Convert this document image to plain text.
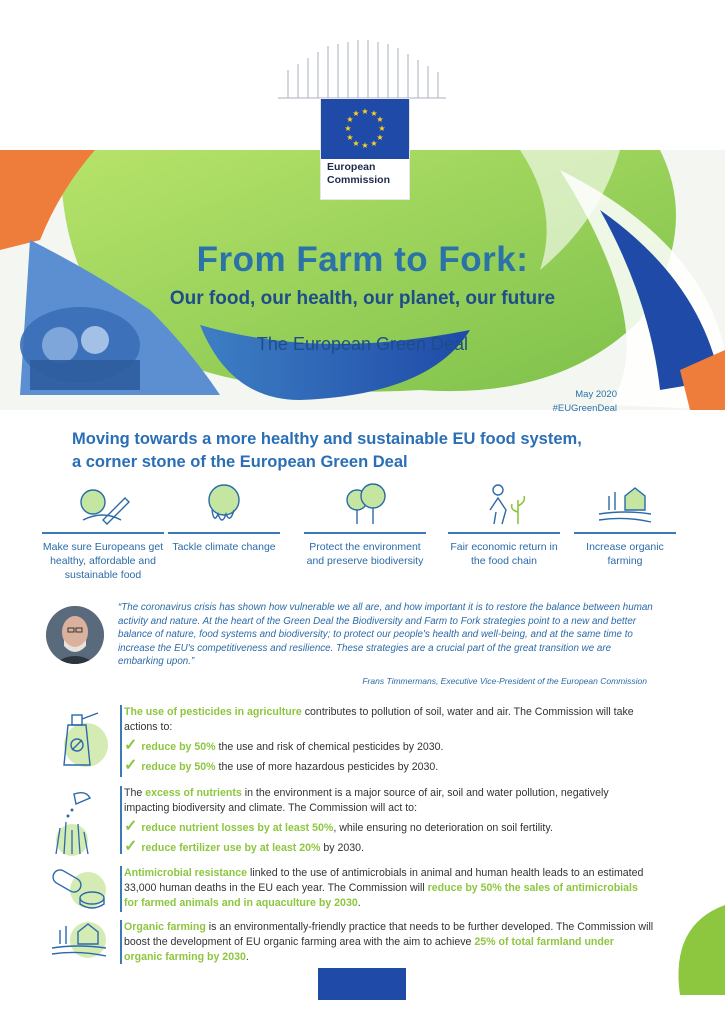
★ ★
★
★
★
★
★
★
★
★
★
★
European
Commission
From Farm to Fork:
Our food, our health, our planet, our future
The European Green Deal
May 2020
#EUGreenDeal
Moving towards a more healthy and sustainable EU food system,
a corner stone of the European Green Deal
Make sure Europeans get healthy, affordable and sustainable food
Tackle climate change	Protect the environment and preserve biodiversity
Fair economic return in the food chain
Increase organic farming
“The coronavirus crisis has shown how vulnerable we all are, and how important it is to restore the balance between human activity and nature. At the heart of the Green Deal the Biodiversity and Farm to Fork strategies point to a new and better balance of nature, food systems and biodiversity; to protect our people's health and well-being, and at the same time to increase the EU's competitiveness and resilience. These strategies are a crucial part of the great transition we are embarking upon.”
Frans Timmermans, Executive Vice-President of the European Commission
The use of pesticides in agriculture contributes to pollution of soil, water and air. The Commission will take actions to:
✓ reduce by 50% the use and risk of chemical pesticides by 2030.
✓ reduce by 50% the use of more hazardous pesticides by 2030.
The excess of nutrients in the environment is a major source of air, soil and water pollution, negatively impacting biodiversity and climate. The Commission will act to:
✓ reduce nutrient losses by at least 50%, while ensuring no deterioration on soil fertility.
✓ reduce fertilizer use by at least 20% by 2030.
Antimicrobial resistance linked to the use of antimicrobials in animal and human health leads to an estimated 33,000 human deaths in the EU each year. The Commission will reduce by 50% the sales of antimicrobials for farmed animals and in aquaculture by 2030.
Organic farming is an environmentally-friendly practice that needs to be further developed. The Commission will boost the development of EU organic farming area with the aim to achieve 25% of total farmland under organic farming by 2030.
